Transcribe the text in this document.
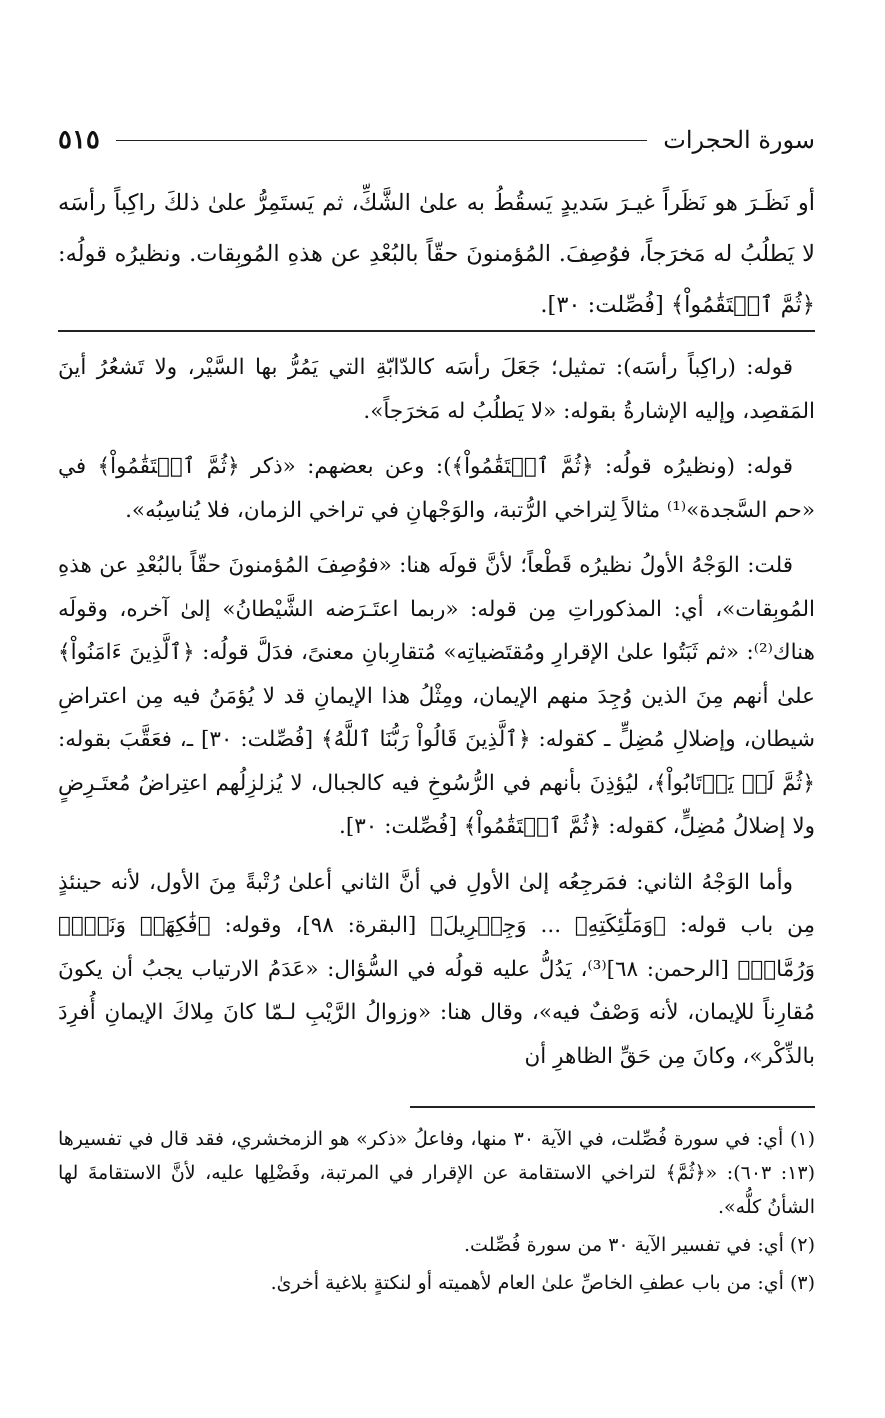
سورة الحجرات
٥١٥

أو نَظَـرَ هو نَظَراً غيـرَ سَديدٍ يَسقُطُ به علىٰ الشَّكِّ، ثم يَستَمِرُّ علىٰ ذلكَ راكِباً رأسَه لا يَطلُبُ له مَخرَجاً، فوُصِفَ. المُؤمنونَ حقّاً بالبُعْدِ عن هذهِ المُوبِقات. ونظيرُه قولُه: ﴿ثُمَّ ٱسۡتَقَٰمُواْ﴾ [فُصِّلت: ٣٠].

قوله: (راكِباً رأسَه): تمثيل؛ جَعَلَ رأسَه كالدّابّةِ التي يَمُرُّ بها السَّيْر، ولا تَشعُرُ أينَ المَقصِد، وإليه الإشارةُ بقوله: «لا يَطلُبُ له مَخرَجاً».

قوله: (ونظيرُه قولُه: ﴿ثُمَّ ٱسۡتَقَٰمُواْ﴾): وعن بعضهم: «ذكر ﴿ثُمَّ ٱسۡتَقَٰمُواْ﴾ في «حم السَّجدة»⁽¹⁾ مثالاً لِتراخي الرُّتبة، والوَجْهانِ في تراخي الزمان، فلا يُناسِبُه».

قلت: الوَجْهُ الأولُ نظيرُه قَطْعاً؛ لأنَّ قولَه هنا: «فوُصِفَ المُؤمنونَ حقّاً بالبُعْدِ عن هذهِ المُوبِقات»، أي: المذكوراتِ مِن قوله: «ربما اعتَـرَضه الشَّيْطانُ» إلىٰ آخره، وقولَه هناك⁽²⁾: «ثم ثَبَتُوا علىٰ الإقرارِ ومُقتَضياتِه» مُتقارِبانِ معنىً، فدَلَّ قولُه: ﴿ٱلَّذِينَ ءَامَنُواْ﴾ علىٰ أنهم مِنَ الذين وُجِدَ منهم الإيمان، ومِثْلُ هذا الإيمانِ قد لا يُؤمَنُ فيه مِن اعتراضِ شيطان، وإضلالِ مُضِلٍّ ـ كقوله: ﴿ٱلَّذِينَ قَالُواْ رَبُّنَا ٱللَّهُ﴾ [فُصِّلت: ٣٠] ـ، فعَقَّبَ بقوله: ﴿ثُمَّ لَمۡ يَرۡتَابُواْ﴾، ليُؤذِنَ بأنهم في الرُّسُوخِ فيه كالجبال، لا يُزلزِلُهم اعتِراضُ مُعتَـرِضٍ ولا إضلالُ مُضِلٍّ، كقوله: ﴿ثُمَّ ٱسۡتَقَٰمُواْ﴾ [فُصِّلت: ٣٠].

وأما الوَجْهُ الثاني: فمَرجِعُه إلىٰ الأولِ في أنَّ الثاني أعلىٰ رُتْبةً مِنَ الأول، لأنه حينئذٍ مِن باب قوله: ﴿وَمَلَٰٓئِكَتِهِۦ ... وَجِبۡرِيلَ﴾ [البقرة: ٩٨]، وقوله: ﴿فَٰكِهَةٞ وَنَخۡلٞ وَرُمَّانٞ﴾ [الرحمن: ٦٨]⁽³⁾، يَدُلُّ عليه قولُه في السُّؤال: «عَدَمُ الارتياب يجبُ أن يكونَ مُقارِناً للإيمان، لأنه وَصْفٌ فيه»، وقال هنا: «وزوالُ الرَّيْبِ لـمّا كانَ مِلاكَ الإيمانِ أُفرِدَ بالذِّكْر»، وكانَ مِن حَقِّ الظاهرِ أن

(١) أي: في سورة فُصِّلت، في الآية ٣٠ منها، وفاعلُ «ذكر» هو الزمخشري، فقد قال في تفسيرها (١٣: ٦٠٣): «﴿ثُمَّ﴾ لتراخي الاستقامة عن الإقرار في المرتبة، وفَضْلِها عليه، لأنَّ الاستقامةَ لها الشأنُ كلُّه».

(٢) أي: في تفسير الآية ٣٠ من سورة فُصِّلت.

(٣) أي: من باب عطفِ الخاصِّ علىٰ العام لأهميته أو لنكتةٍ بلاغية أخرىٰ.
